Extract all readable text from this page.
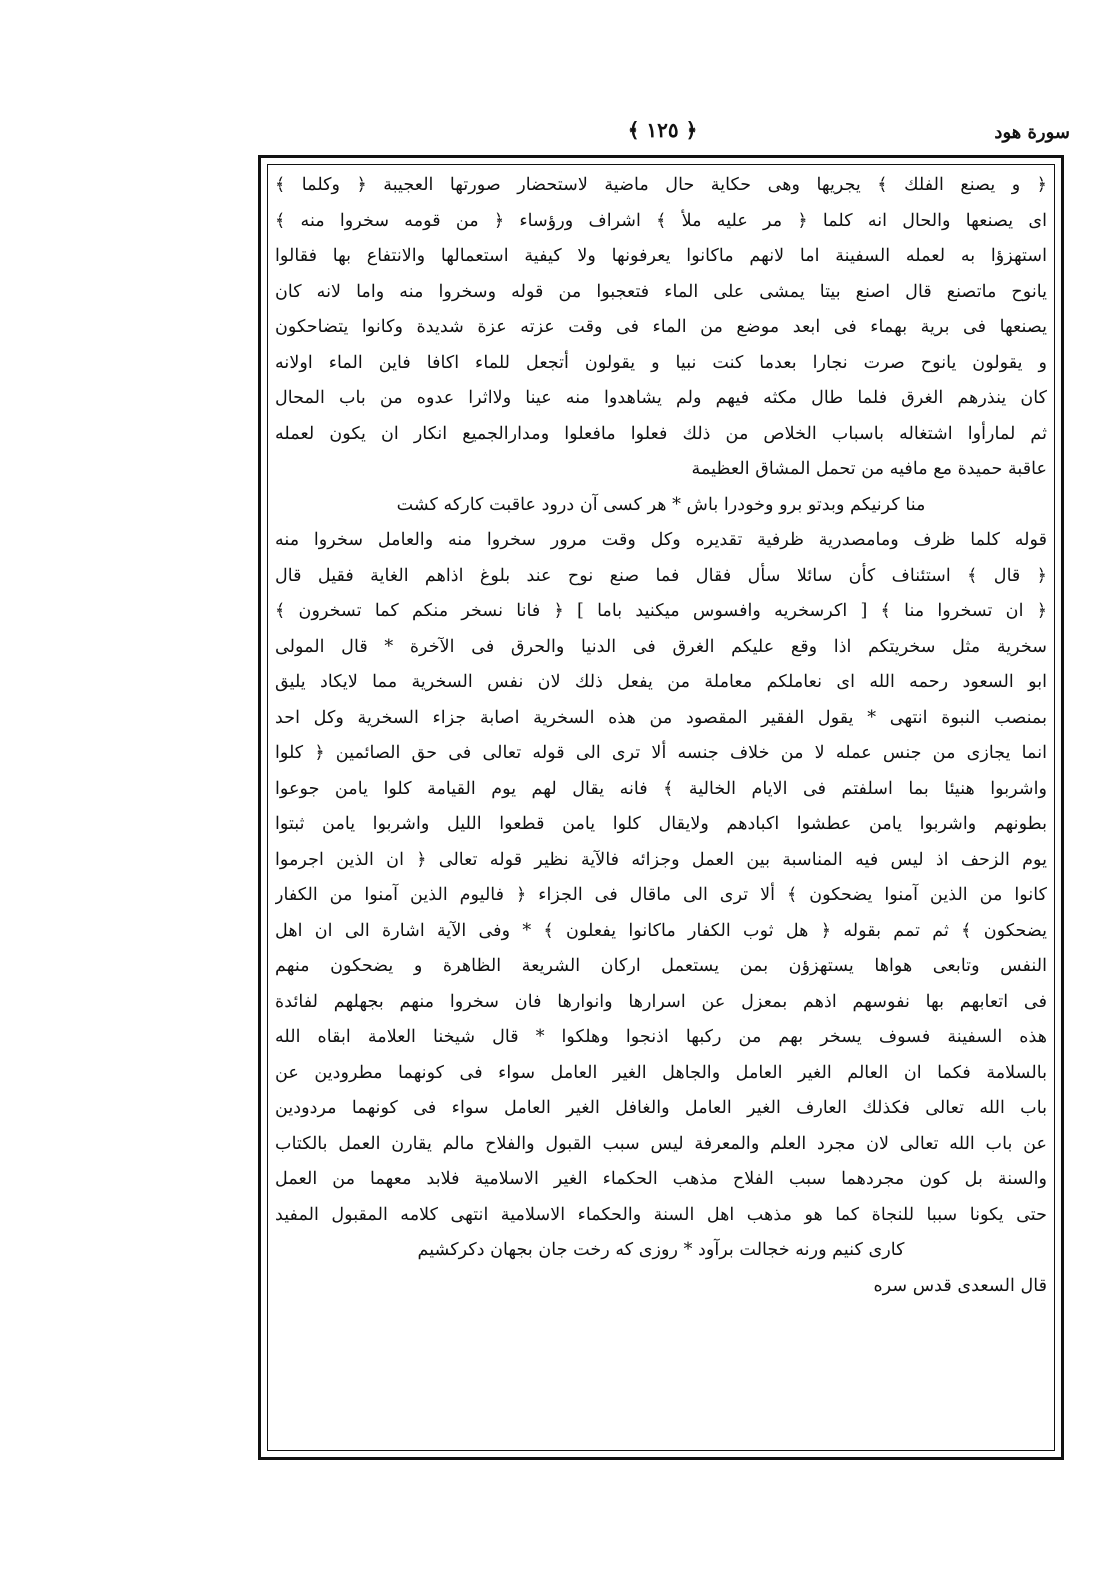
سورة هود
﴿ ١٢٥ ﴾
﴿ و يصنع الفلك ﴾ يجريها وهى حكاية حال ماضية لاستحضار صورتها العجيبة ﴿ وكلما ﴾
اى يصنعها والحال انه كلما ﴿ مر عليه ملأ ﴾ اشراف ورؤساء ﴿ من قومه سخروا منه ﴾
استهزؤا به لعمله السفينة اما لانهم ماكانوا يعرفونها ولا كيفية استعمالها والانتفاع بها فقالوا
يانوح ماتصنع قال اصنع بيتا يمشى على الماء فتعجبوا من قوله وسخروا منه واما لانه كان
يصنعها فى برية بهماء فى ابعد موضع من الماء فى وقت عزته عزة شديدة وكانوا يتضاحكون
و يقولون يانوح صرت نجارا بعدما كنت نبيا و يقولون أتجعل للماء اكافا فاين الماء اولانه
كان ينذرهم الغرق فلما طال مكثه فيهم ولم يشاهدوا منه عينا ولااثرا عدوه من باب المحال
ثم لمارأوا اشتغاله باسباب الخلاص من ذلك فعلوا مافعلوا ومدارالجميع انكار ان يكون لعمله
عاقبة حميدة مع مافيه من تحمل المشاق العظيمة
منا كرنيكم وبدتو برو وخودرا باش * هر كسى آن درود عاقبت كاركه كشت
قوله كلما ظرف ومامصدرية ظرفية تقديره وكل وقت مرور سخروا منه والعامل سخروا منه
﴿ قال ﴾ استئناف كأن سائلا سأل فقال فما صنع نوح عند بلوغ اذاهم الغاية فقيل قال
﴿ ان تسخروا منا ﴾ [ اكرسخريه وافسوس ميكنيد باما ] ﴿ فانا نسخر منكم كما تسخرون ﴾
سخرية مثل سخريتكم اذا وقع عليكم الغرق فى الدنيا والحرق فى الآخرة * قال المولى
ابو السعود رحمه الله اى نعاملكم معاملة من يفعل ذلك لان نفس السخرية مما لايكاد يليق
بمنصب النبوة انتهى * يقول الفقير المقصود من هذه السخرية اصابة جزاء السخرية وكل احد
انما يجازى من جنس عمله لا من خلاف جنسه ألا ترى الى قوله تعالى فى حق الصائمين ﴿ كلوا
واشربوا هنيئا بما اسلفتم فى الايام الخالية ﴾ فانه يقال لهم يوم القيامة كلوا يامن جوعوا
بطونهم واشربوا يامن عطشوا اكبادهم ولايقال كلوا يامن قطعوا الليل واشربوا يامن ثبتوا
يوم الزحف اذ ليس فيه المناسبة بين العمل وجزائه فالآية نظير قوله تعالى ﴿ ان الذين اجرموا
كانوا من الذين آمنوا يضحكون ﴾ ألا ترى الى ماقال فى الجزاء ﴿ فاليوم الذين آمنوا من الكفار
يضحكون ﴾ ثم تمم بقوله ﴿ هل ثوب الكفار ماكانوا يفعلون ﴾ * وفى الآية اشارة الى ان اهل
النفس وتابعى هواها يستهزؤن بمن يستعمل اركان الشريعة الظاهرة و يضحكون منهم
فى اتعابهم بها نفوسهم اذهم بمعزل عن اسرارها وانوارها فان سخروا منهم بجهلهم لفائدة
هذه السفينة فسوف يسخر بهم من ركبها اذنجوا وهلكوا * قال شيخنا العلامة ابقاه الله
بالسلامة فكما ان العالم الغير العامل والجاهل الغير العامل سواء فى كونهما مطرودين عن
باب الله تعالى فكذلك العارف الغير العامل والغافل الغير العامل سواء فى كونهما مردودين
عن باب الله تعالى لان مجرد العلم والمعرفة ليس سبب القبول والفلاح مالم يقارن العمل بالكتاب
والسنة بل كون مجردهما سبب الفلاح مذهب الحكماء الغير الاسلامية فلابد معهما من العمل
حتى يكونا سببا للنجاة كما هو مذهب اهل السنة والحكماء الاسلامية انتهى كلامه المقبول المفيد
كارى كنيم ورنه خجالت برآود * روزى كه رخت جان بجهان دكركشيم
قال السعدى قدس سره
